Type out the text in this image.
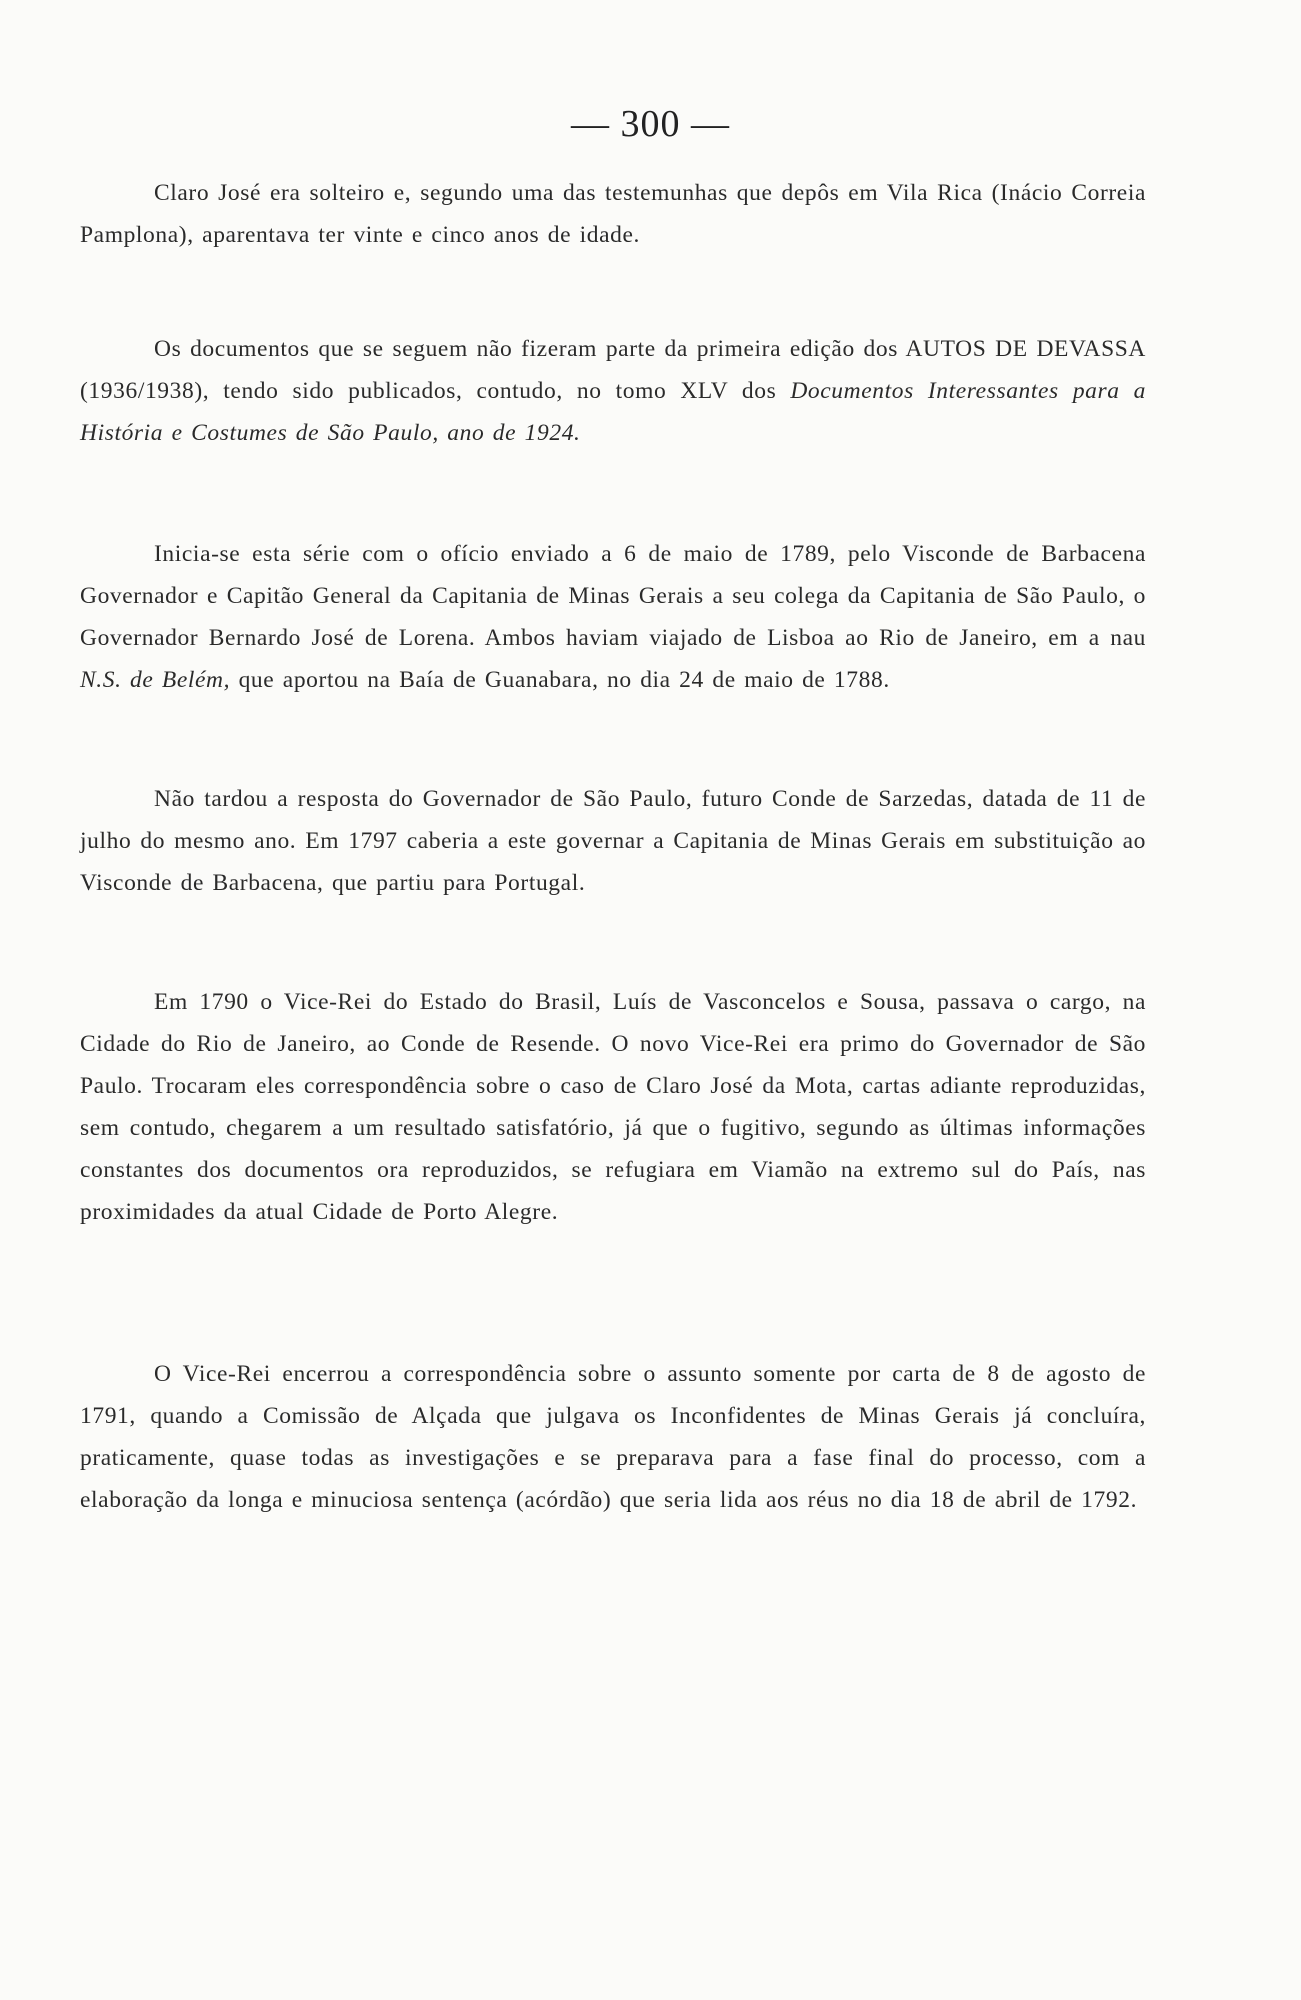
— 300 —

Claro José era solteiro e, segundo uma das testemunhas que depôs em Vila Rica (Inácio Correia Pamplona), aparentava ter vinte e cinco anos de idade.

Os documentos que se seguem não fizeram parte da primeira edição dos AUTOS DE DEVASSA (1936/1938), tendo sido publicados, contudo, no tomo XLV dos Documentos Interessantes para a História e Costumes de São Paulo, ano de 1924.

Inicia-se esta série com o ofício enviado a 6 de maio de 1789, pelo Visconde de Barbacena Governador e Capitão General da Capitania de Minas Gerais a seu colega da Capitania de São Paulo, o Governador Bernardo José de Lorena. Ambos haviam viajado de Lisboa ao Rio de Janeiro, em a nau N.S. de Belém, que aportou na Baía de Guanabara, no dia 24 de maio de 1788.

Não tardou a resposta do Governador de São Paulo, futuro Conde de Sarzedas, datada de 11 de julho do mesmo ano. Em 1797 caberia a este governar a Capitania de Minas Gerais em substituição ao Visconde de Barbacena, que partiu para Portugal.

Em 1790 o Vice-Rei do Estado do Brasil, Luís de Vasconcelos e Sousa, passava o cargo, na Cidade do Rio de Janeiro, ao Conde de Resende. O novo Vice-Rei era primo do Governador de São Paulo. Trocaram eles correspondência sobre o caso de Claro José da Mota, cartas adiante reproduzidas, sem contudo, chegarem a um resultado satisfatório, já que o fugitivo, segundo as últimas informações constantes dos documentos ora reproduzidos, se refugiara em Viamão na extremo sul do País, nas proximidades da atual Cidade de Porto Alegre.

O Vice-Rei encerrou a correspondência sobre o assunto somente por carta de 8 de agosto de 1791, quando a Comissão de Alçada que julgava os Inconfidentes de Minas Gerais já concluíra, praticamente, quase todas as investigações e se preparava para a fase final do processo, com a elaboração da longa e minuciosa sentença (acórdão) que seria lida aos réus no dia 18 de abril de 1792.
